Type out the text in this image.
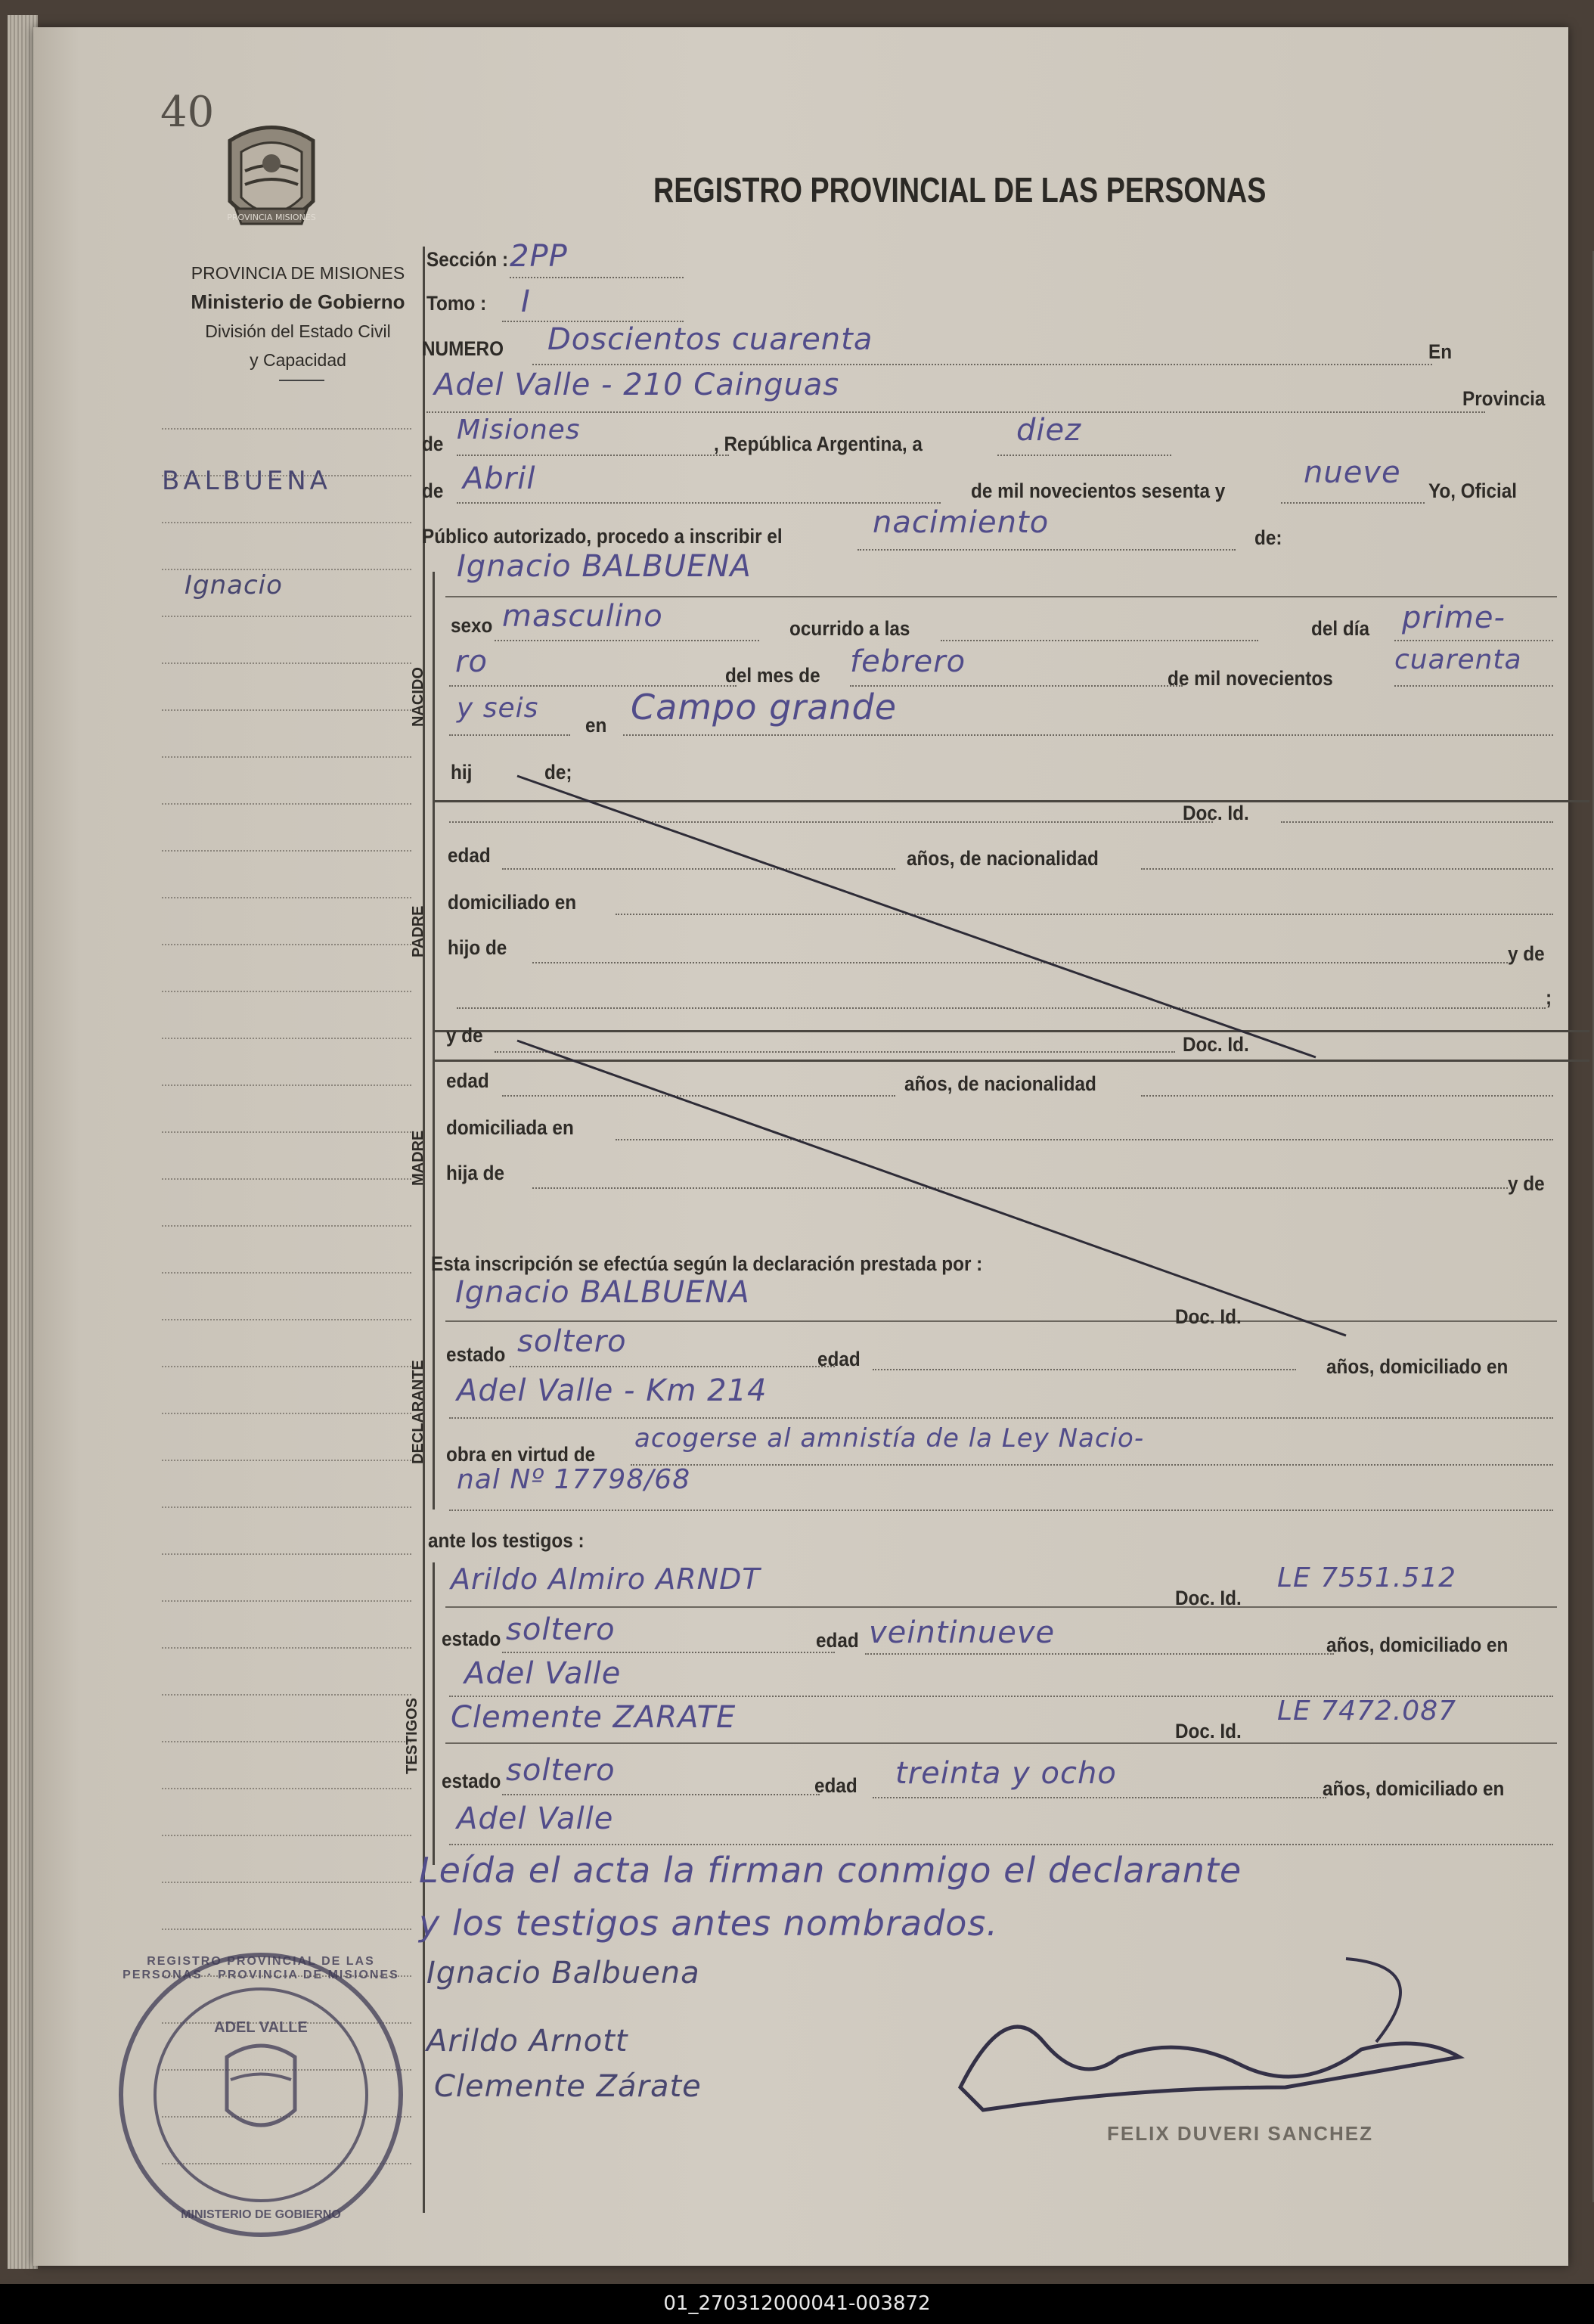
40
PROVINCIA MISIONES
REGISTRO PROVINCIAL DE LAS PERSONAS
PROVINCIA DE MISIONES
Ministerio de Gobierno
División del Estado Civil
y Capacidad
BALBUENA
Ignacio
Sección : 2PP
Tomo : I
NUMERO Doscientos cuarenta	En
Adel Valle - 210 Cainguas	Provincia
de Misiones	, República Argentina, a	diez
de Abril	de mil novecientos sesenta y
nueve
Yo, Oficial
Público autorizado, procedo a inscribir el	nacimiento	de:
Ignacio BALBUENA
NACIDO
sexo masculino	ocurrido a las	del día prime-
ro	del mes de febrero	de mil novecientos
cuarenta
y seis
en Campo grande
hij	de;
Doc. Id.
PADRE
edad	años, de nacionalidad
domiciliado en
hijo de	y de
;
y de	Doc. Id.
MADRE
edad	años, de nacionalidad
domiciliada en
hija de	y de
Esta inscripción se efectúa según la declaración prestada por :
Ignacio BALBUENA
Doc. Id.
DECLARANTE
estado soltero	edad	años, domiciliado en
Adel Valle - Km 214
obra en virtud de
acogerse al amnistía de la Ley Nacio-
nal Nº 17798/68
ante los testigos :
TESTIGOS
Arildo Almiro ARNDT
Doc. Id.
LE 7551.512
estado soltero	edad veintinueve	años, domiciliado en
Adel Valle
Clemente ZARATE	Doc. Id.
LE 7472.087
estado soltero	edad treinta y ocho	años, domiciliado en
Adel Valle
Leída el acta la firman conmigo el declarante
y los testigos antes nombrados.
Ignacio Balbuena
Arildo Arnott
Clemente Zárate
FELIX DUVERI SANCHEZ
REGISTRO PROVINCIAL DE LAS PERSONAS · PROVINCIA DE MISIONES
ADEL VALLE
MINISTERIO DE GOBIERNO
01_270312000041-003872
